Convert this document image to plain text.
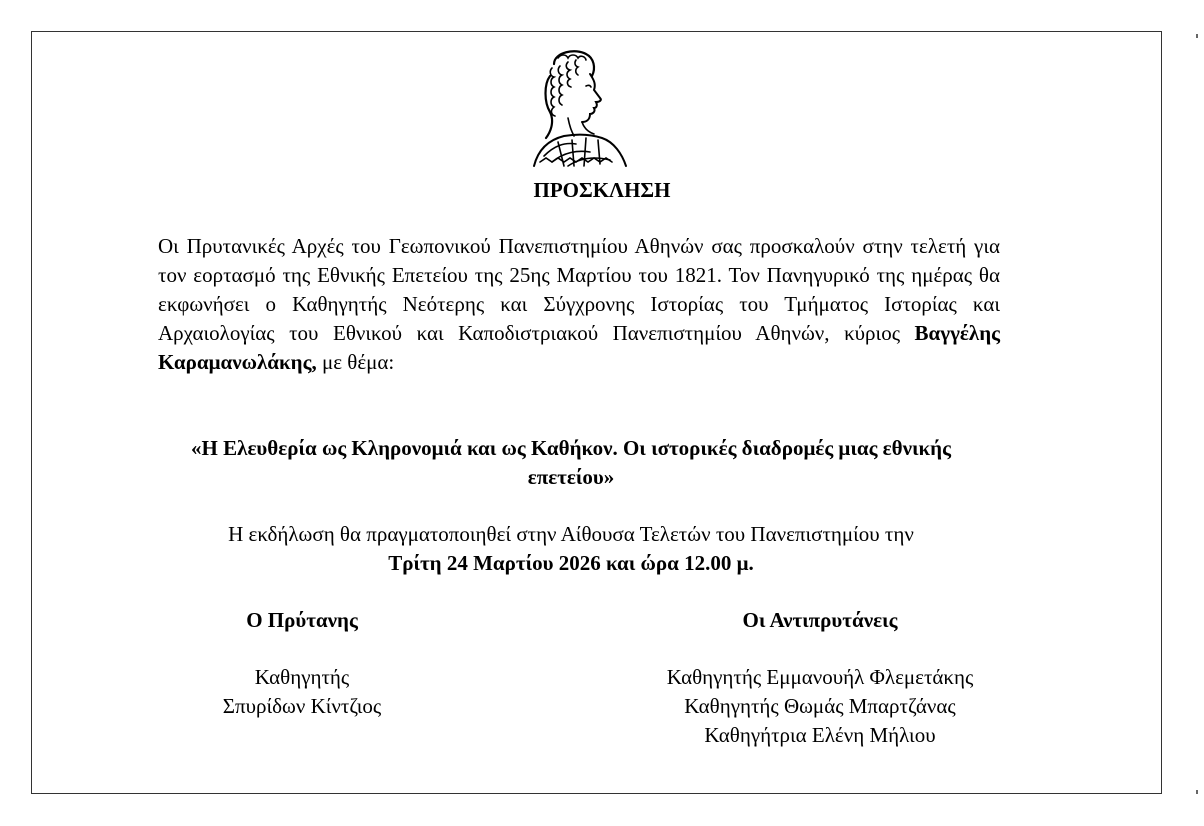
ΠΡΟΣΚΛΗΣΗ
Οι Πρυτανικές Αρχές του Γεωπονικού Πανεπιστημίου Αθηνών σας προσκαλούν στην τελετή για τον εορτασμό της Εθνικής Επετείου της 25ης Μαρτίου του 1821. Τον Πανηγυρικό της ημέρας θα εκφωνήσει ο Καθηγητής Νεότερης και Σύγχρονης Ιστορίας του Τμήματος Ιστορίας και Αρχαιολογίας του Εθνικού και Καποδιστριακού Πανεπιστημίου Αθηνών, κύριος Βαγγέλης Καραμανωλάκης, με θέμα:
«Η Ελευθερία ως Κληρονομιά και ως Καθήκον. Οι ιστορικές διαδρομές μιας εθνικής επετείου»
Η εκδήλωση θα πραγματοποιηθεί στην Αίθουσα Τελετών του Πανεπιστημίου την
Τρίτη 24 Μαρτίου 2026 και ώρα 12.00 μ.
Ο Πρύτανης
Καθηγητής
Σπυρίδων Κίντζιος
Οι Αντιπρυτάνεις
Καθηγητής Εμμανουήλ Φλεμετάκης
Καθηγητής Θωμάς Μπαρτζάνας
Καθηγήτρια Ελένη Μήλιου
